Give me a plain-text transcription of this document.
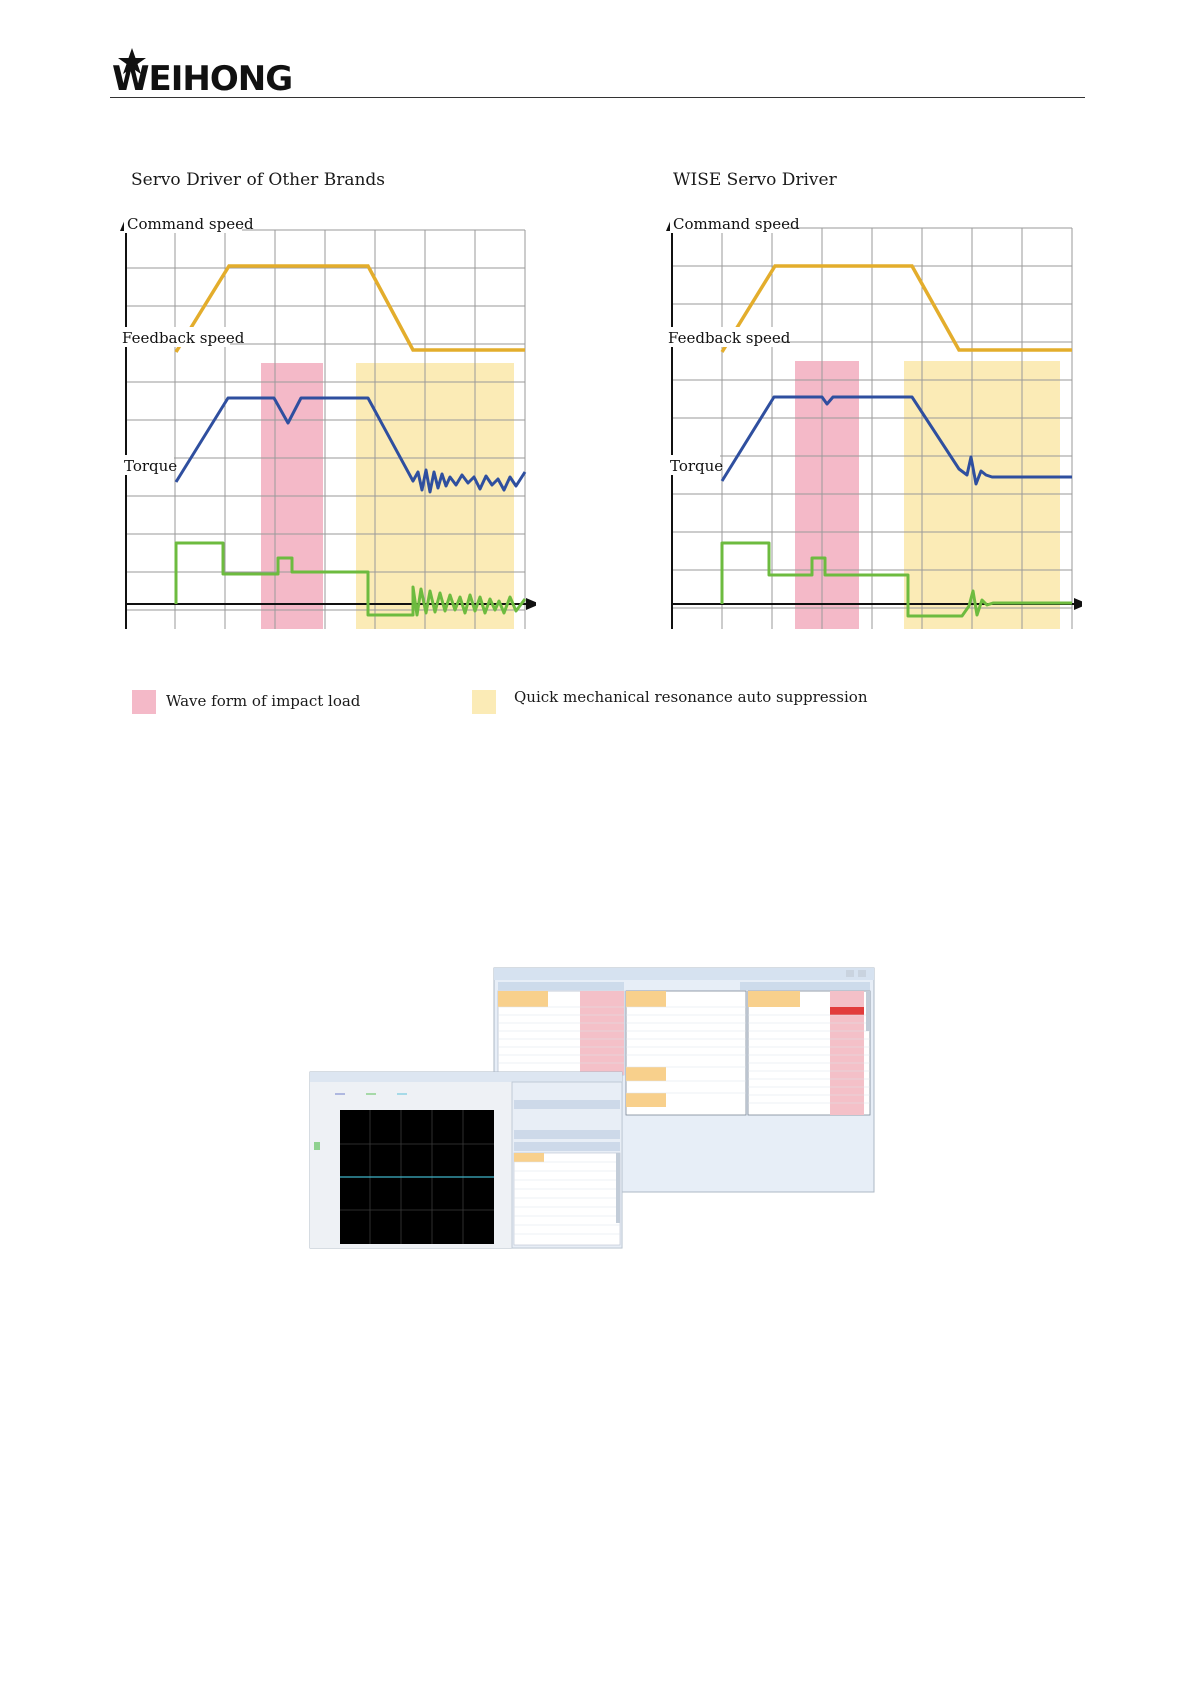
WEIHONG
Servo Driver of Other Brands
Command speed
Feedback speed
Torque
WISE Servo Driver
Command speed
Feedback speed
Torque
Wave form of impact load	Quick mechanical resonance auto suppression
